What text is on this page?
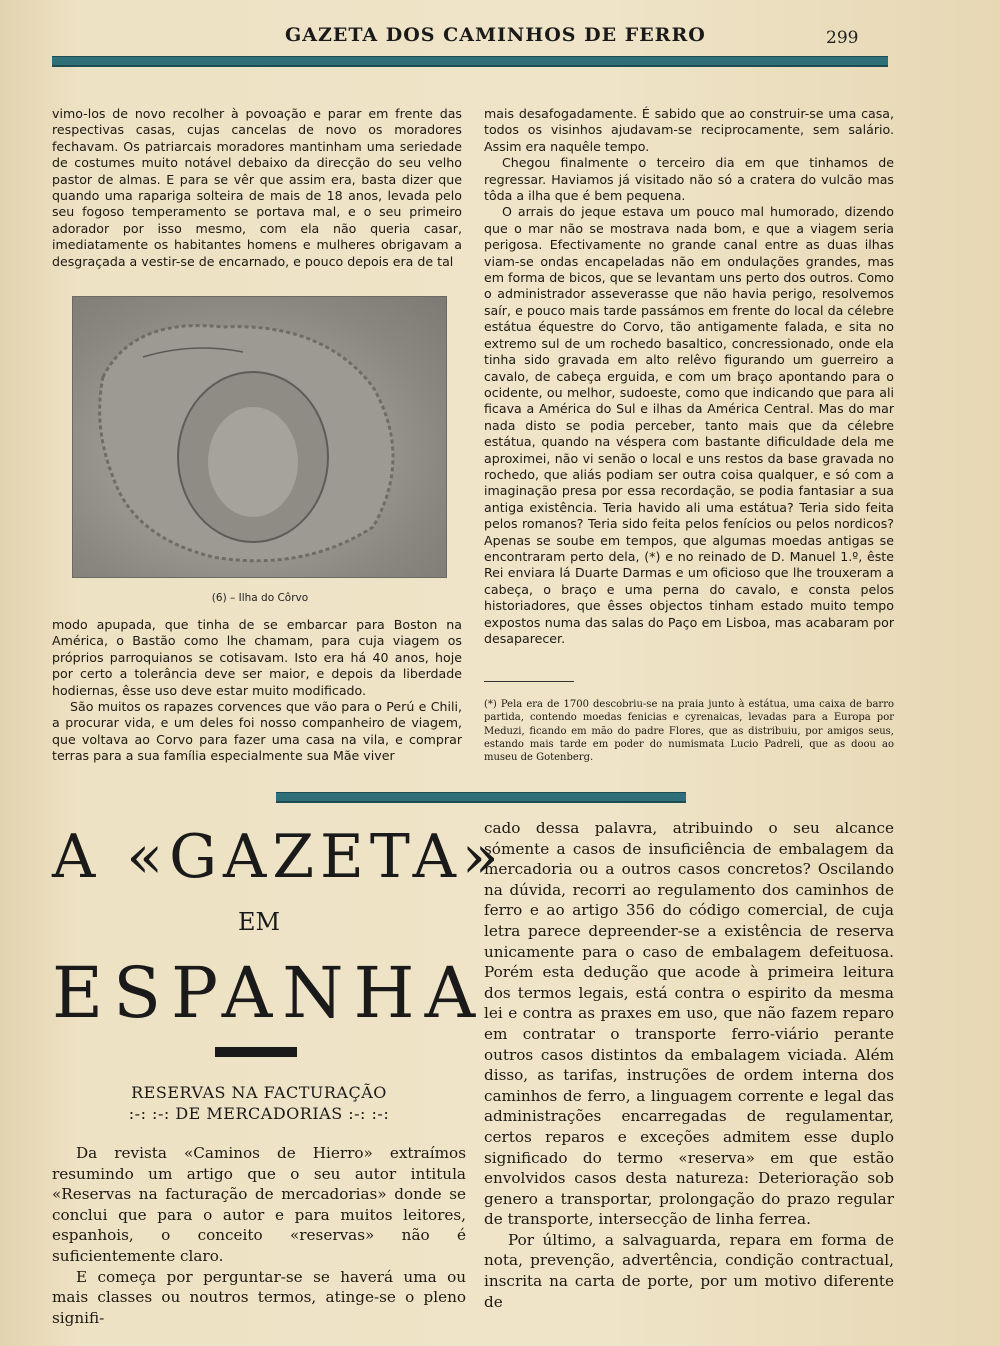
GAZETA DOS CAMINHOS DE FERRO	299

vimo-los de novo recolher à povoação e parar em frente das respectivas casas, cujas cancelas de novo os moradores fechavam. Os patriarcais moradores mantinham uma seriedade de costumes muito notável debaixo da direcção do seu velho pastor de almas. E para se vêr que assim era, basta dizer que quando uma rapariga solteira de mais de 18 anos, levada pelo seu fogoso temperamento se portava mal, e o seu primeiro adorador por isso mesmo, com ela não queria casar, imediatamente os habitantes homens e mulheres obrigavam a desgraçada a vestir-se de encarnado, e pouco depois era de tal

(6) – Ilha do Côrvo

modo apupada, que tinha de se embarcar para Boston na América, o Bastão como lhe chamam, para cuja viagem os próprios parroquianos se cotisavam. Isto era há 40 anos, hoje por certo a tolerância deve ser maior, e depois da liberdade hodiernas, êsse uso deve estar muito modificado.

São muitos os rapazes corvences que vão para o Perú e Chili, a procurar vida, e um deles foi nosso companheiro de viagem, que voltava ao Corvo para fazer uma casa na vila, e comprar terras para a sua família especialmente sua Mãe viver

mais desafogadamente. É sabido que ao construir-se uma casa, todos os visinhos ajudavam-se reciprocamente, sem salário. Assim era naquêle tempo.

Chegou finalmente o terceiro dia em que tinhamos de regressar. Haviamos já visitado não só a cratera do vulcão mas tôda a ilha que é bem pequena.

O arrais do jeque estava um pouco mal humorado, dizendo que o mar não se mostrava nada bom, e que a viagem seria perigosa. Efectivamente no grande canal entre as duas ilhas viam-se ondas encapeladas não em ondulações grandes, mas em forma de bicos, que se levantam uns perto dos outros. Como o administrador asseverasse que não havia perigo, resolvemos saír, e pouco mais tarde passámos em frente do local da célebre estátua équestre do Corvo, tão antigamente falada, e sita no extremo sul de um rochedo basaltico, concressionado, onde ela tinha sido gravada em alto relêvo figurando um guerreiro a cavalo, de cabeça erguida, e com um braço apontando para o ocidente, ou melhor, sudoeste, como que indicando que para ali ficava a América do Sul e ilhas da América Central. Mas do mar nada disto se podia perceber, tanto mais que da célebre estátua, quando na véspera com bastante dificuldade dela me aproximei, não vi senão o local e uns restos da base gravada no rochedo, que aliás podiam ser outra coisa qualquer, e só com a imaginação presa por essa recordação, se podia fantasiar a sua antiga existência. Teria havido ali uma estátua? Teria sido feita pelos romanos? Teria sido feita pelos fenícios ou pelos nordicos? Apenas se soube em tempos, que algumas moedas antigas se encontraram perto dela, (*) e no reinado de D. Manuel 1.º, êste Rei enviara lá Duarte Darmas e um oficioso que lhe trouxeram a cabeça, o braço e uma perna do cavalo, e consta pelos historiadores, que êsses objectos tinham estado muito tempo expostos numa das salas do Paço em Lisboa, mas acabaram por desaparecer.

(*) Pela era de 1700 descobriu-se na praia junto à estátua, uma caixa de barro partida, contendo moedas fenicias e cyrenaicas, levadas para a Europa por Meduzi, ficando em mão do padre Flores, que as distribuiu, por amigos seus, estando mais tarde em poder do numismata Lucio Padreli, que as doou ao museu de Gotenberg.
A «GAZETA»
EM
ESPANHA
RESERVAS NA FACTURAÇÃO
:-: :-: DE MERCADORIAS :-: :-:

Da revista «Caminos de Hierro» extraímos resumindo um artigo que o seu autor intitula «Reservas na facturação de mercadorias» donde se conclui que para o autor e para muitos leitores, espanhois, o conceito «reservas» não é suficientemente claro.

E começa por perguntar-se se haverá uma ou mais classes ou noutros termos, atinge-se o pleno signifi-

cado dessa palavra, atribuindo o seu alcance sómente a casos de insuficiência de embalagem da mercadoria ou a outros casos concretos? Oscilando na dúvida, recorri ao regulamento dos caminhos de ferro e ao artigo 356 do código comercial, de cuja letra parece depreender-se a existência de reserva unicamente para o caso de embalagem defeituosa. Porém esta dedução que acode à primeira leitura dos termos legais, está contra o espirito da mesma lei e contra as praxes em uso, que não fazem reparo em contratar o transporte ferro-viário perante outros casos distintos da embalagem viciada. Além disso, as tarifas, instruções de ordem interna dos caminhos de ferro, a linguagem corrente e legal das administrações encarregadas de regulamentar, certos reparos e exceções admitem esse duplo significado do termo «reserva» em que estão envolvidos casos desta natureza: Deterioração sob genero a transportar, prolongação do prazo regular de transporte, intersecção de linha ferrea.

Por último, a salvaguarda, repara em forma de nota, prevenção, advertência, condição contractual, inscrita na carta de porte, por um motivo diferente de
